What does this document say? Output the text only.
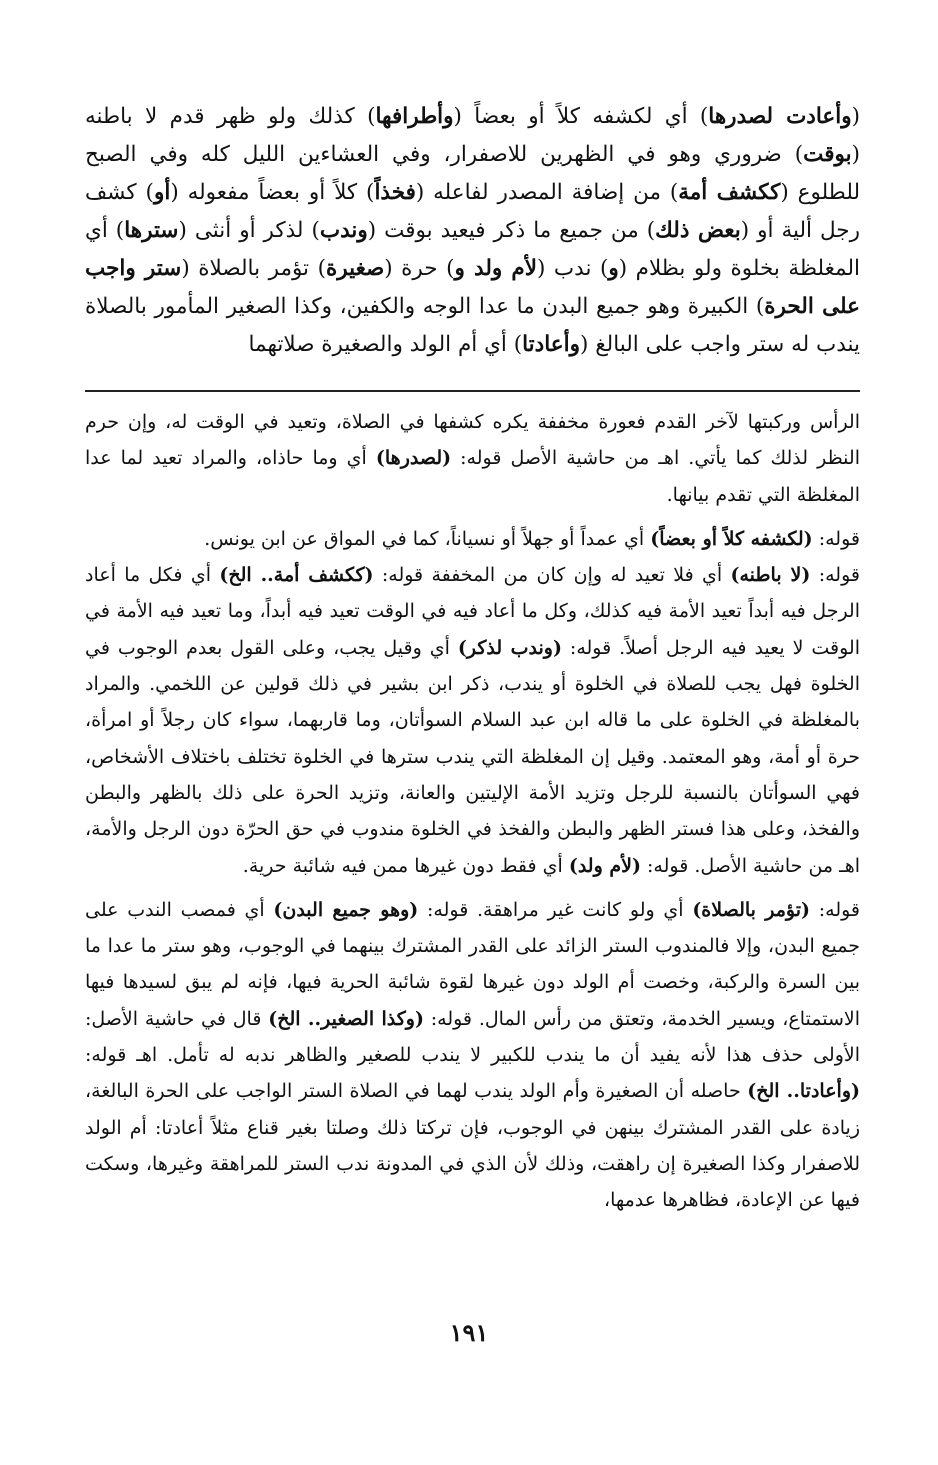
(وأعادت لصدرها) أي لكشفه كلاً أو بعضاً (وأطرافها) كذلك ولو ظهر قدم لا باطنه (بوقت) ضروري وهو في الظهرين للاصفرار، وفي العشاءين الليل كله وفي الصبح للطلوع (ككشف أمة) من إضافة المصدر لفاعله (فخذاً) كلاً أو بعضاً مفعوله (أو) كشف رجل ألية أو (بعض ذلك) من جميع ما ذكر فيعيد بوقت (وندب) لذكر أو أنثى (سترها) أي المغلظة بخلوة ولو بظلام (و) ندب (لأم ولد و) حرة (صغيرة) تؤمر بالصلاة (ستر واجب على الحرة) الكبيرة وهو جميع البدن ما عدا الوجه والكفين، وكذا الصغير المأمور بالصلاة يندب له ستر واجب على البالغ (وأعادتا) أي أم الولد والصغيرة صلاتهما

الرأس وركبتها لآخر القدم فعورة مخففة يكره كشفها في الصلاة، وتعيد في الوقت له، وإن حرم النظر لذلك كما يأتي. اهـ من حاشية الأصل قوله: (لصدرها) أي وما حاذاه، والمراد تعيد لما عدا المغلظة التي تقدم بيانها.

قوله: (لكشفه كلاً أو بعضاً) أي عمداً أو جهلاً أو نسياناً، كما في المواق عن ابن يونس.

قوله: (لا باطنه) أي فلا تعيد له وإن كان من المخففة قوله: (ككشف أمة.. الخ) أي فكل ما أعاد الرجل فيه أبداً تعيد الأمة فيه كذلك، وكل ما أعاد فيه في الوقت تعيد فيه أبداً، وما تعيد فيه الأمة في الوقت لا يعيد فيه الرجل أصلاً. قوله: (وندب لذكر) أي وقيل يجب، وعلى القول بعدم الوجوب في الخلوة فهل يجب للصلاة في الخلوة أو يندب، ذكر ابن بشير في ذلك قولين عن اللخمي. والمراد بالمغلظة في الخلوة على ما قاله ابن عبد السلام السوأتان، وما قاربهما، سواء كان رجلاً أو امرأة، حرة أو أمة، وهو المعتمد. وقيل إن المغلظة التي يندب سترها في الخلوة تختلف باختلاف الأشخاص، فهي السوأتان بالنسبة للرجل وتزيد الأمة الإليتين والعانة، وتزيد الحرة على ذلك بالظهر والبطن والفخذ، وعلى هذا فستر الظهر والبطن والفخذ في الخلوة مندوب في حق الحرّة دون الرجل والأمة، اهـ من حاشية الأصل. قوله: (لأم ولد) أي فقط دون غيرها ممن فيه شائبة حرية.

قوله: (تؤمر بالصلاة) أي ولو كانت غير مراهقة. قوله: (وهو جميع البدن) أي فمصب الندب على جميع البدن، وإلا فالمندوب الستر الزائد على القدر المشترك بينهما في الوجوب، وهو ستر ما عدا ما بين السرة والركبة، وخصت أم الولد دون غيرها لقوة شائبة الحرية فيها، فإنه لم يبق لسيدها فيها الاستمتاع، ويسير الخدمة، وتعتق من رأس المال. قوله: (وكذا الصغير.. الخ) قال في حاشية الأصل: الأولى حذف هذا لأنه يفيد أن ما يندب للكبير لا يندب للصغير والظاهر ندبه له تأمل. اهـ قوله: (وأعادتا.. الخ) حاصله أن الصغيرة وأم الولد يندب لهما في الصلاة الستر الواجب على الحرة البالغة، زيادة على القدر المشترك بينهن في الوجوب، فإن تركتا ذلك وصلتا بغير قناع مثلاً أعادتا: أم الولد للاصفرار وكذا الصغيرة إن راهقت، وذلك لأن الذي في المدونة ندب الستر للمراهقة وغيرها، وسكت فيها عن الإعادة، فظاهرها عدمها،

١٩١
